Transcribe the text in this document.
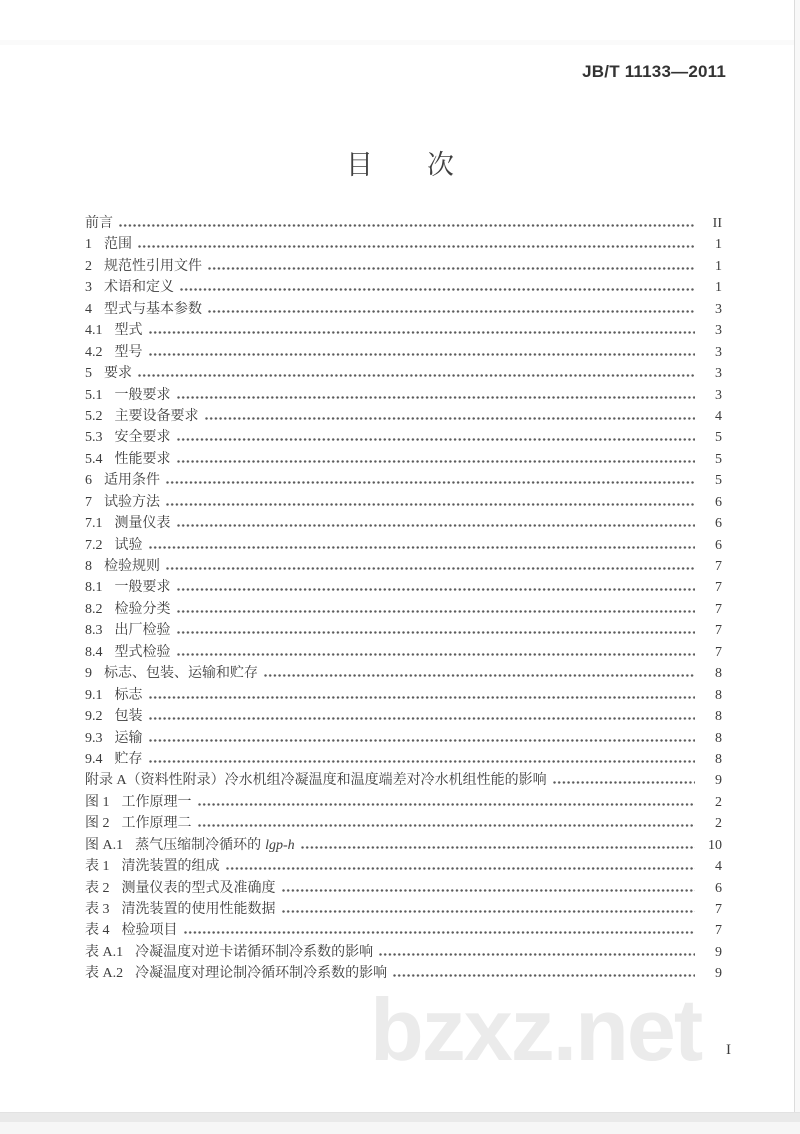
JB/T 11133—2011
目　　次
前言	II
1 范围	1
2 规范性引用文件	1
3 术语和定义	1
4 型式与基本参数	3
4.1 型式	3
4.2 型号	3
5 要求	3
5.1 一般要求	3
5.2 主要设备要求	4
5.3 安全要求	5
5.4 性能要求	5
6 适用条件	5
7 试验方法	6
7.1 测量仪表	6
7.2 试验	6
8 检验规则	7
8.1 一般要求	7
8.2 检验分类	7
8.3 出厂检验	7
8.4 型式检验	7
9 标志、包装、运输和贮存	8
9.1 标志	8
9.2 包装	8
9.3 运输	8
9.4 贮存	8
附录 A（资料性附录）冷水机组冷凝温度和温度端差对冷水机组性能的影响	9
图 1 工作原理一	2
图 2 工作原理二	2
图 A.1 蒸气压缩制冷循环的 lgp-h	10
表 1 清洗装置的组成	4
表 2 测量仪表的型式及准确度	6
表 3 清洗装置的使用性能数据	7
表 4 检验项目	7
表 A.1 冷凝温度对逆卡诺循环制冷系数的影响	9
表 A.2 冷凝温度对理论制冷循环制冷系数的影响	9
bzxz.net I
